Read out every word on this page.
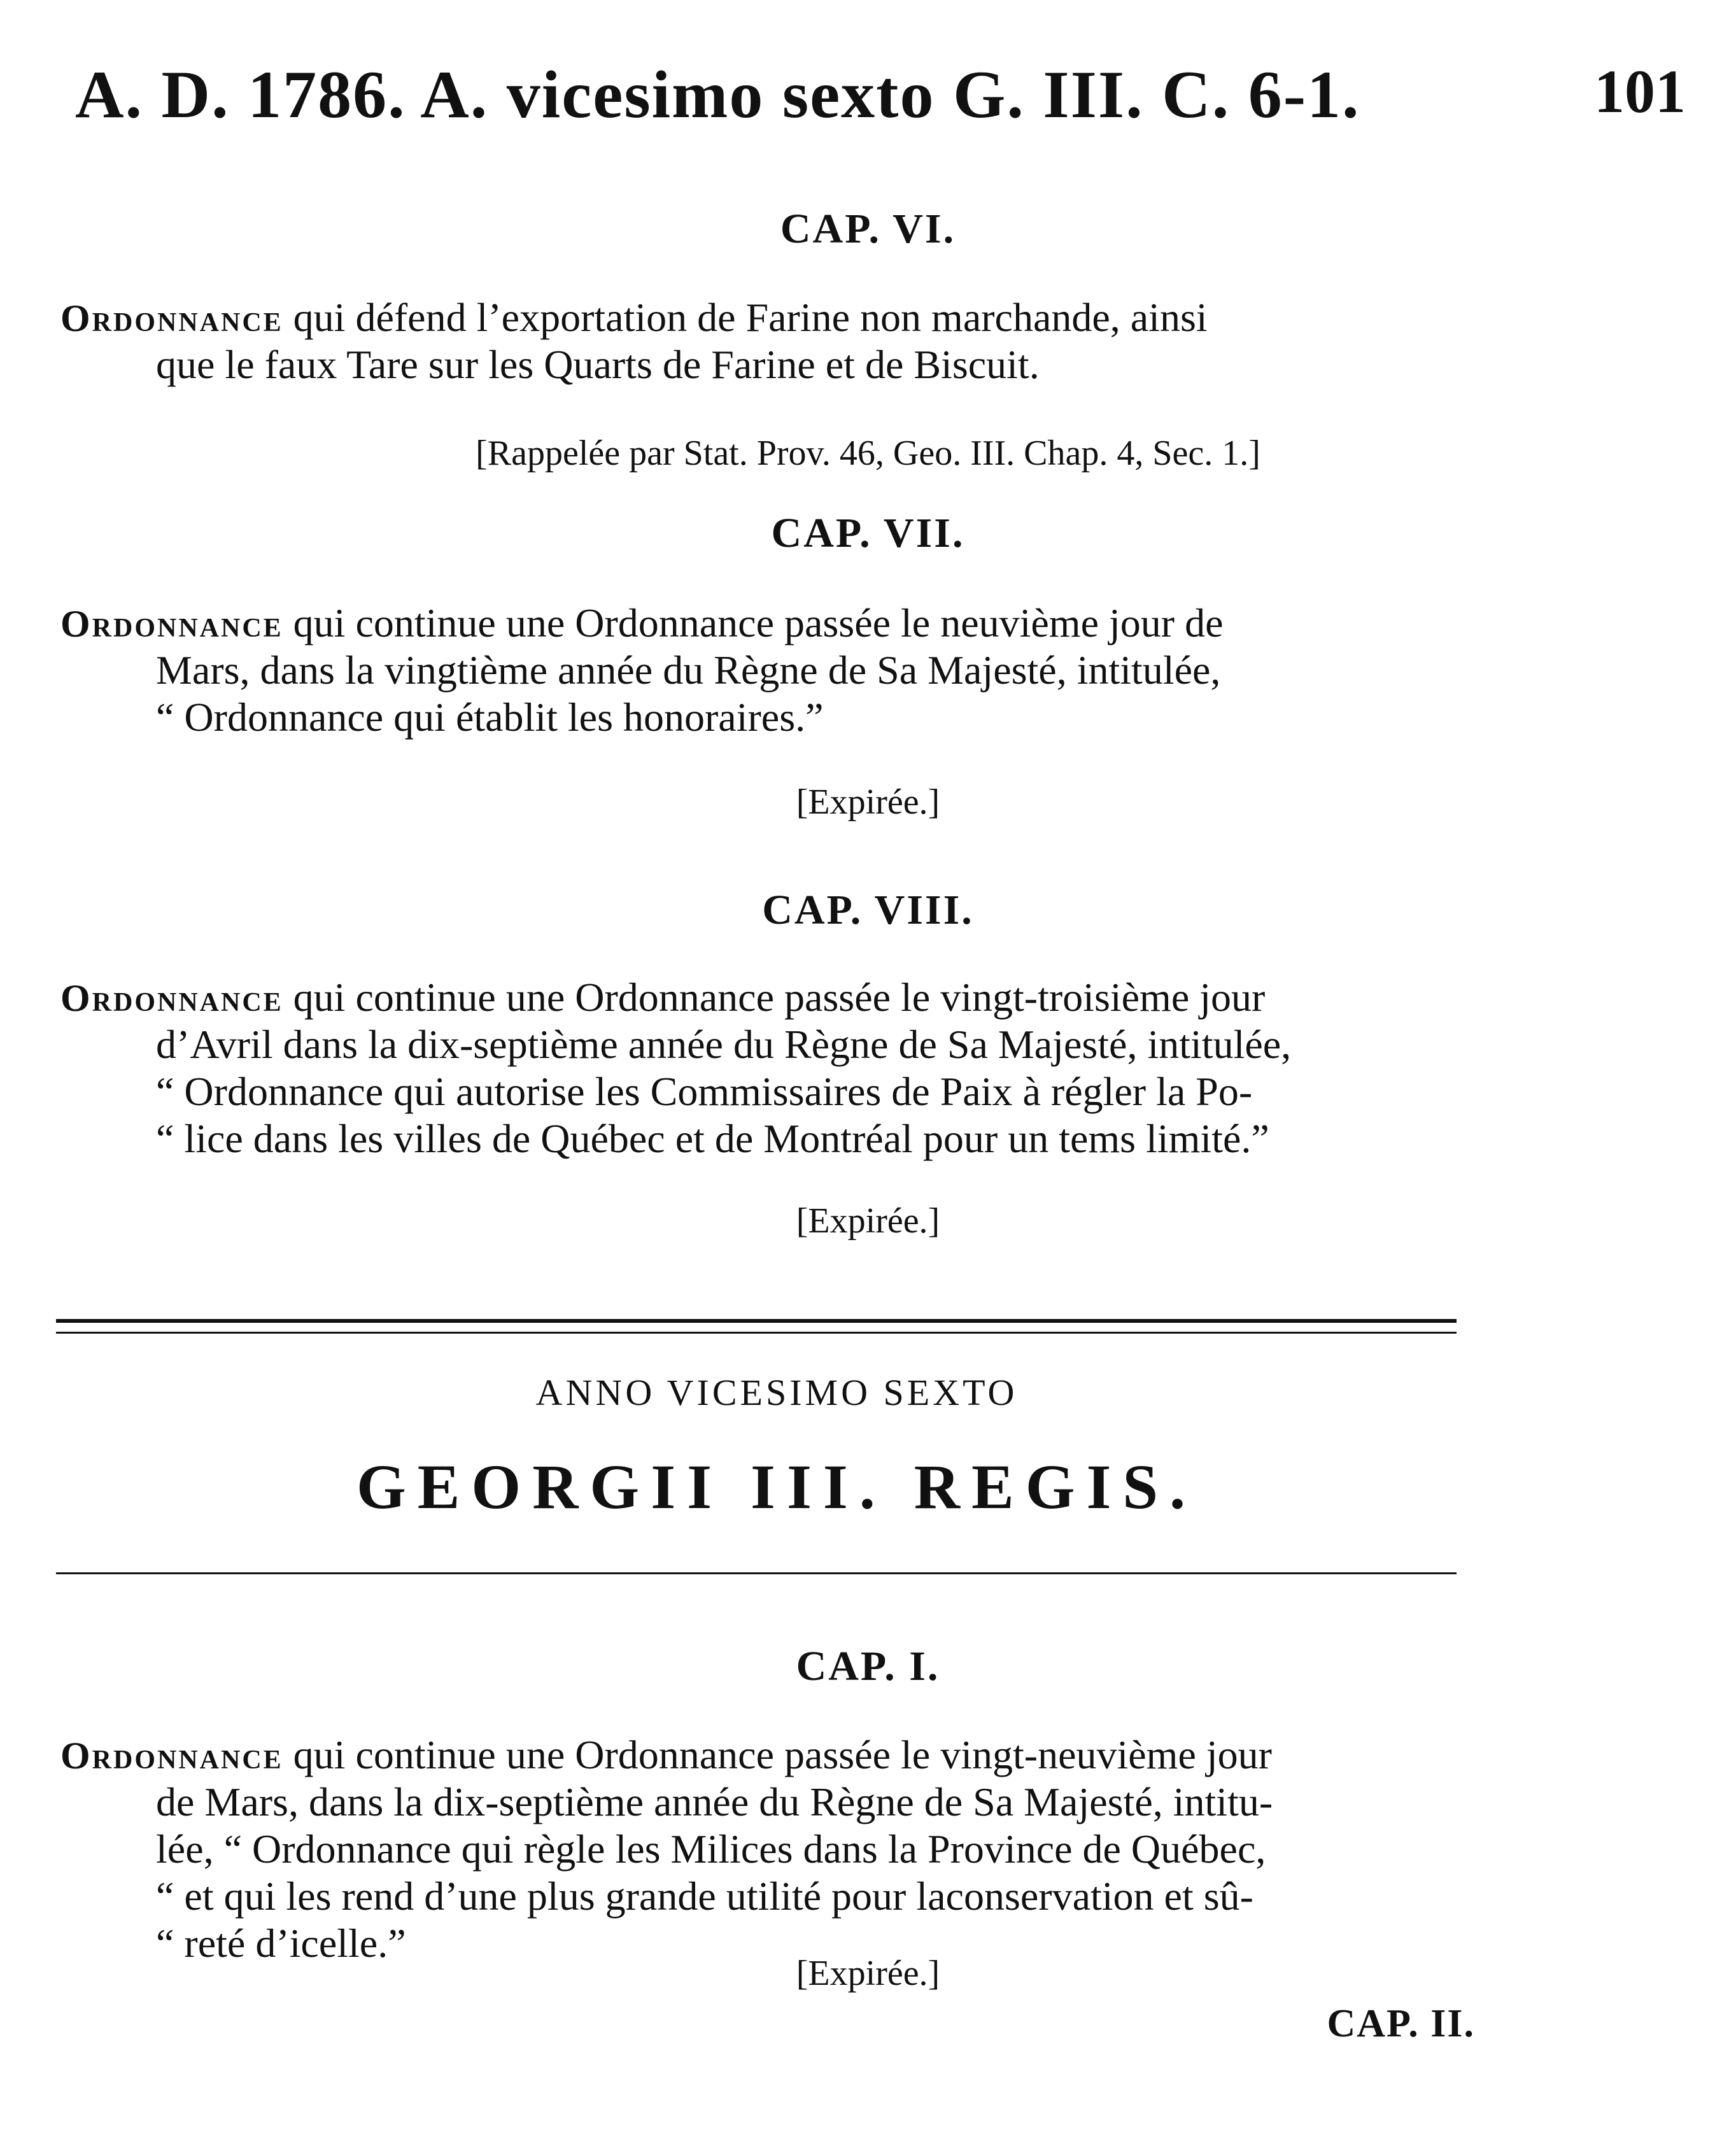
A. D. 1786. A. vicesimo sexto G. III. C. 6-1.	101
CAP. VI.
Ordonnance qui défend l’exportation de Farine non marchande, ainsi
que le faux Tare sur les Quarts de Farine et de Biscuit.
[Rappelée par Stat. Prov. 46, Geo. III. Chap. 4, Sec. 1.]
CAP. VII.
Ordonnance qui continue une Ordonnance passée le neuvième jour de
Mars, dans la vingtième année du Règne de Sa Majesté, intitulée,
“ Ordonnance qui établit les honoraires.”
[Expirée.]
CAP. VIII.
Ordonnance qui continue une Ordonnance passée le vingt-troisième jour
d’Avril dans la dix-septième année du Règne de Sa Majesté, intitulée,
“ Ordonnance qui autorise les Commissaires de Paix à régler la Po-
“ lice dans les villes de Québec et de Montréal pour un tems limité.”
[Expirée.]
ANNO VICESIMO SEXTO
GEORGII III. REGIS.
CAP. I.
Ordonnance qui continue une Ordonnance passée le vingt-neuvième jour
de Mars, dans la dix-septième année du Règne de Sa Majesté, intitu-
lée, “ Ordonnance qui règle les Milices dans la Province de Québec,
“ et qui les rend d’une plus grande utilité pour laconservation et sû-
“ reté d’icelle.”
[Expirée.]
CAP. II.
